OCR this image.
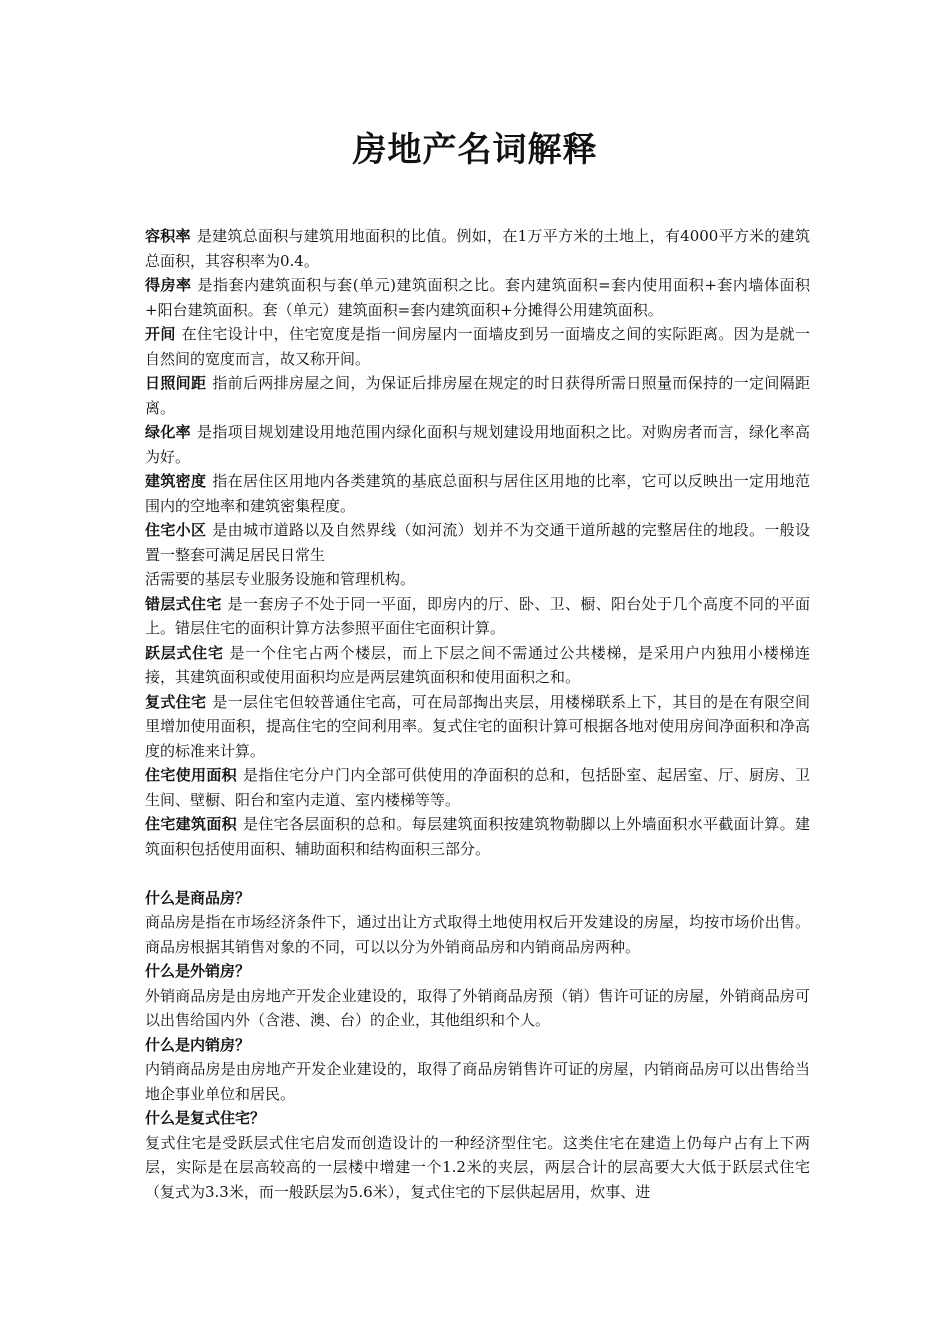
房地产名词解释

容积率 是建筑总面积与建筑用地面积的比值。例如，在1万平方米的土地上，有4000平方米的建筑总面积，其容积率为0.4。

得房率 是指套内建筑面积与套(单元)建筑面积之比。套内建筑面积=套内使用面积+套内墙体面积+阳台建筑面积。套（单元）建筑面积=套内建筑面积+分摊得公用建筑面积。

开间 在住宅设计中，住宅宽度是指一间房屋内一面墙皮到另一面墙皮之间的实际距离。因为是就一自然间的宽度而言，故又称开间。

日照间距 指前后两排房屋之间，为保证后排房屋在规定的时日获得所需日照量而保持的一定间隔距离。

绿化率 是指项目规划建设用地范围内绿化面积与规划建设用地面积之比。对购房者而言，绿化率高为好。

建筑密度 指在居住区用地内各类建筑的基底总面积与居住区用地的比率，它可以反映出一定用地范围内的空地率和建筑密集程度。

住宅小区 是由城市道路以及自然界线（如河流）划并不为交通干道所越的完整居住的地段。一般设置一整套可满足居民日常生

活需要的基层专业服务设施和管理机构。

错层式住宅 是一套房子不处于同一平面，即房内的厅、卧、卫、橱、阳台处于几个高度不同的平面上。错层住宅的面积计算方法参照平面住宅面积计算。

跃层式住宅 是一个住宅占两个楼层，而上下层之间不需通过公共楼梯，是采用户内独用小楼梯连接，其建筑面积或使用面积均应是两层建筑面积和使用面积之和。

复式住宅 是一层住宅但较普通住宅高，可在局部掏出夹层，用楼梯联系上下，其目的是在有限空间里增加使用面积，提高住宅的空间利用率。复式住宅的面积计算可根据各地对使用房间净面积和净高度的标准来计算。

住宅使用面积 是指住宅分户门内全部可供使用的净面积的总和，包括卧室、起居室、厅、厨房、卫生间、壁橱、阳台和室内走道、室内楼梯等等。

住宅建筑面积 是住宅各层面积的总和。每层建筑面积按建筑物勒脚以上外墙面积水平截面计算。建筑面积包括使用面积、辅助面积和结构面积三部分。

什么是商品房？

商品房是指在市场经济条件下，通过出让方式取得土地使用权后开发建设的房屋，均按市场价出售。商品房根据其销售对象的不同，可以以分为外销商品房和内销商品房两种。

什么是外销房？

外销商品房是由房地产开发企业建设的，取得了外销商品房预（销）售许可证的房屋，外销商品房可以出售给国内外（含港、澳、台）的企业，其他组织和个人。

什么是内销房？

内销商品房是由房地产开发企业建设的，取得了商品房销售许可证的房屋，内销商品房可以出售给当地企事业单位和居民。

什么是复式住宅？

复式住宅是受跃层式住宅启发而创造设计的一种经济型住宅。这类住宅在建造上仍每户占有上下两层，实际是在层高较高的一层楼中增建一个1.2米的夹层，两层合计的层高要大大低于跃层式住宅（复式为3.3米，而一般跃层为5.6米），复式住宅的下层供起居用，炊事、进
